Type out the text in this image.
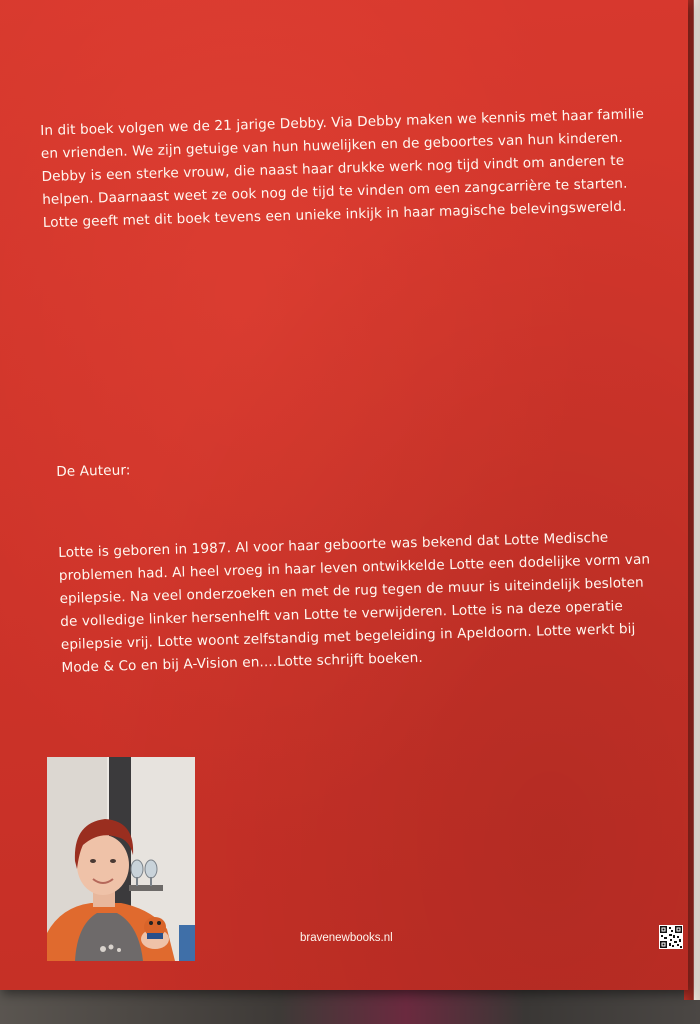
In dit boek volgen we de 21 jarige Debby. Via Debby maken we kennis met haar familie en vrienden. We zijn getuige van hun huwelijken en de geboortes van hun kinderen. Debby is een sterke vrouw, die naast haar drukke werk nog tijd vindt om anderen te helpen. Daarnaast weet ze ook nog de tijd te vinden om een zangcarrière te starten. Lotte geeft met dit boek tevens een unieke inkijk in haar magische belevingswereld.

De Auteur:

Lotte is geboren in 1987. Al voor haar geboorte was bekend dat Lotte Medische problemen had. Al heel vroeg in haar leven ontwikkelde Lotte een dodelijke vorm van epilepsie. Na veel onderzoeken en met de rug tegen de muur is uiteindelijk besloten de volledige linker hersenhelft van Lotte te verwijderen. Lotte is na deze operatie epilepsie vrij. Lotte woont zelfstandig met begeleiding in Apeldoorn. Lotte werkt bij Mode & Co en bij A-Vision en....Lotte schrijft boeken.

bravenewbooks.nl
